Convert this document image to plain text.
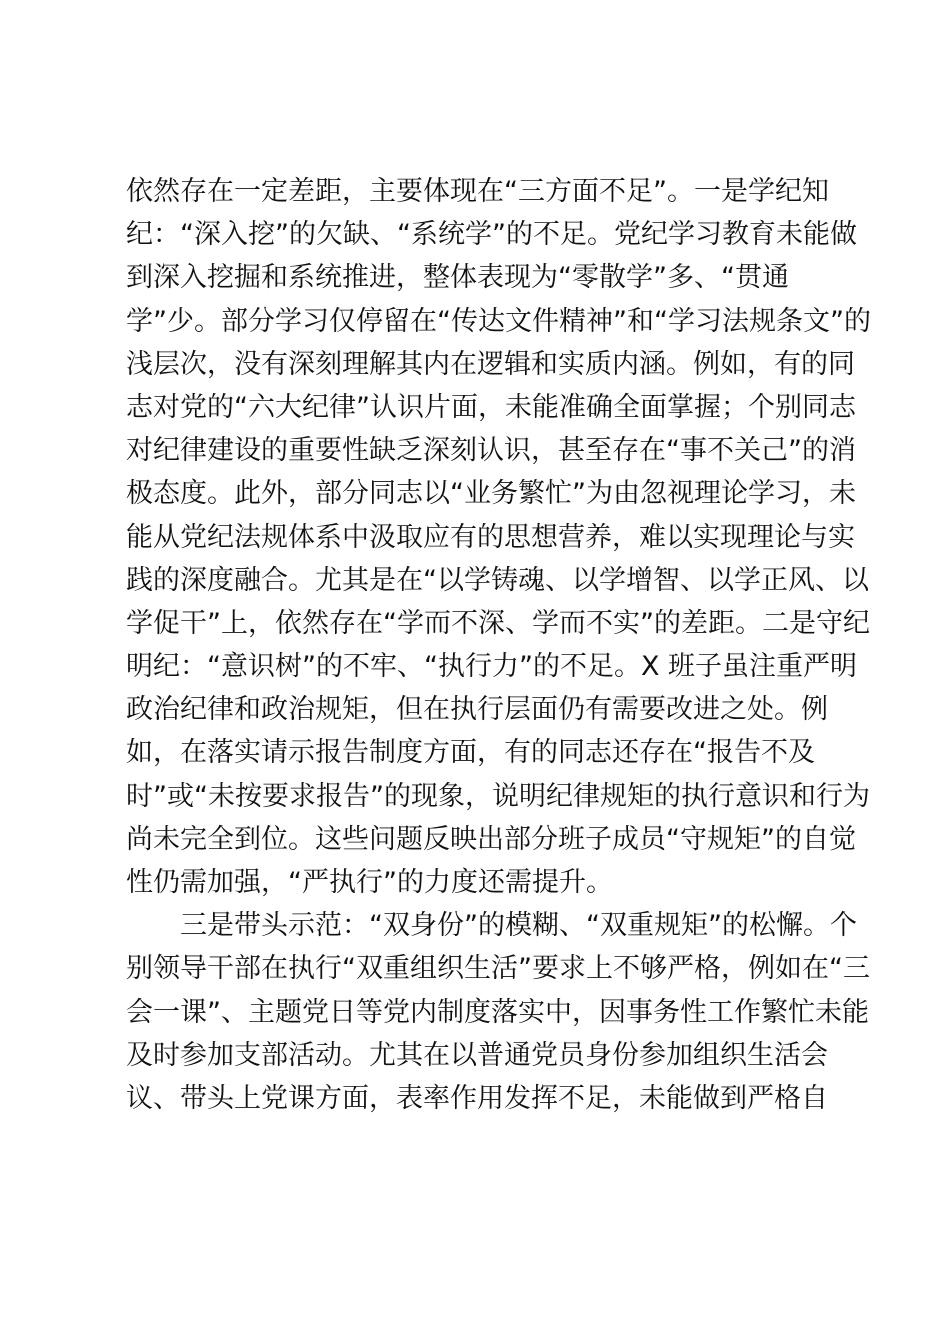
依然存在一定差距，主要体现在“三方面不足”。一是学纪知
纪：“深入挖”的欠缺、“系统学”的不足。党纪学习教育未能做
到深入挖掘和系统推进，整体表现为“零散学”多、“贯通
学”少。部分学习仅停留在“传达文件精神”和“学习法规条文”的
浅层次，没有深刻理解其内在逻辑和实质内涵。例如，有的同
志对党的“六大纪律”认识片面，未能准确全面掌握；个别同志
对纪律建设的重要性缺乏深刻认识，甚至存在“事不关己”的消
极态度。此外，部分同志以“业务繁忙”为由忽视理论学习，未
能从党纪法规体系中汲取应有的思想营养，难以实现理论与实
践的深度融合。尤其是在“以学铸魂、以学增智、以学正风、以
学促干”上，依然存在“学而不深、学而不实”的差距。二是守纪
明纪：“意识树”的不牢、“执行力”的不足。X 班子虽注重严明
政治纪律和政治规矩，但在执行层面仍有需要改进之处。例
如，在落实请示报告制度方面，有的同志还存在“报告不及
时”或“未按要求报告”的现象，说明纪律规矩的执行意识和行为
尚未完全到位。这些问题反映出部分班子成员“守规矩”的自觉
性仍需加强，“严执行”的力度还需提升。
三是带头示范：“双身份”的模糊、“双重规矩”的松懈。个
别领导干部在执行“双重组织生活”要求上不够严格，例如在“三
会一课”、主题党日等党内制度落实中，因事务性工作繁忙未能
及时参加支部活动。尤其在以普通党员身份参加组织生活会
议、带头上党课方面，表率作用发挥不足，未能做到严格自
